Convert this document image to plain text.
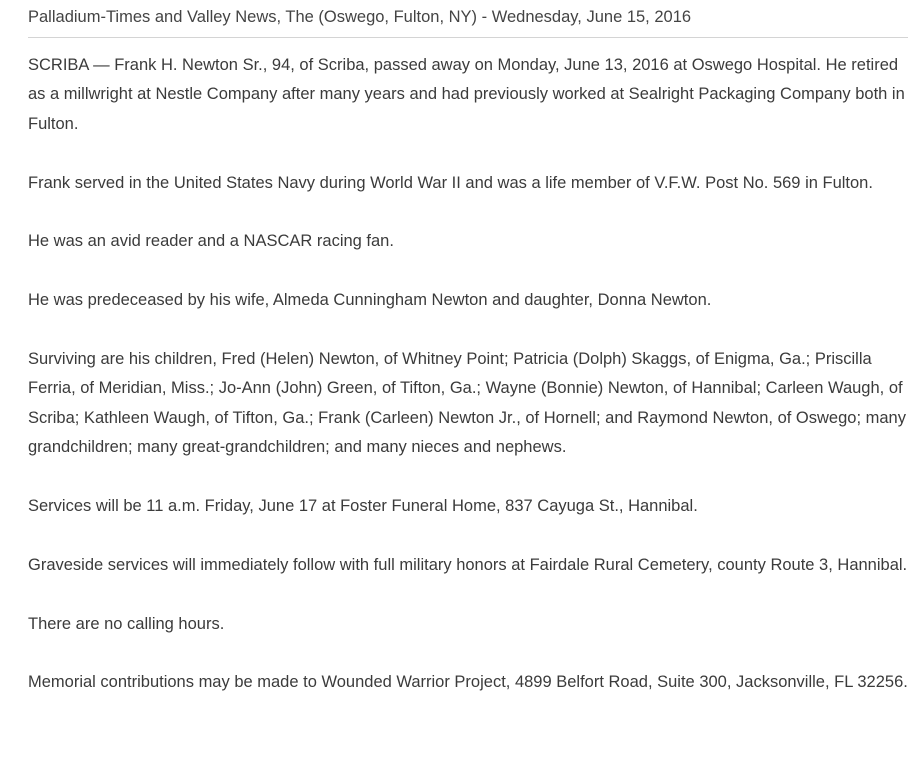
Palladium-Times and Valley News, The (Oswego, Fulton, NY) - Wednesday, June 15, 2016

SCRIBA — Frank H. Newton Sr., 94, of Scriba, passed away on Monday, June 13, 2016 at Oswego Hospital. He retired as a millwright at Nestle Company after many years and had previously worked at Sealright Packaging Company both in Fulton.

Frank served in the United States Navy during World War II and was a life member of V.F.W. Post No. 569 in Fulton.

He was an avid reader and a NASCAR racing fan.

He was predeceased by his wife, Almeda Cunningham Newton and daughter, Donna Newton.

Surviving are his children, Fred (Helen) Newton, of Whitney Point; Patricia (Dolph) Skaggs, of Enigma, Ga.; Priscilla Ferria, of Meridian, Miss.; Jo-Ann (John) Green, of Tifton, Ga.; Wayne (Bonnie) Newton, of Hannibal; Carleen Waugh, of Scriba; Kathleen Waugh, of Tifton, Ga.; Frank (Carleen) Newton Jr., of Hornell; and Raymond Newton, of Oswego; many grandchildren; many great-grandchildren; and many nieces and nephews.

Services will be 11 a.m. Friday, June 17 at Foster Funeral Home, 837 Cayuga St., Hannibal.

Graveside services will immediately follow with full military honors at Fairdale Rural Cemetery, county Route 3, Hannibal.

There are no calling hours.

Memorial contributions may be made to Wounded Warrior Project, 4899 Belfort Road, Suite 300, Jacksonville, FL 32256.
